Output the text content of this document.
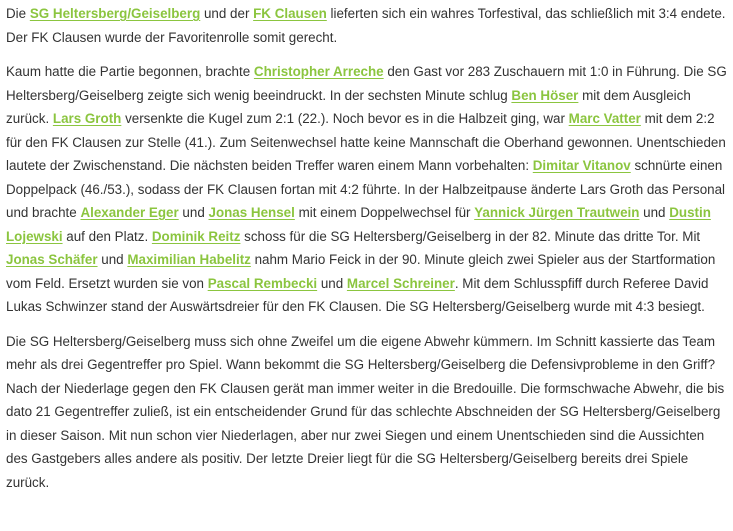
Die SG Heltersberg/Geiselberg und der FK Clausen lieferten sich ein wahres Torfestival, das schließlich mit 3:4 endete. Der FK Clausen wurde der Favoritenrolle somit gerecht.

Kaum hatte die Partie begonnen, brachte Christopher Arreche den Gast vor 283 Zuschauern mit 1:0 in Führung. Die SG Heltersberg/Geiselberg zeigte sich wenig beeindruckt. In der sechsten Minute schlug Ben Höser mit dem Ausgleich zurück. Lars Groth versenkte die Kugel zum 2:1 (22.). Noch bevor es in die Halbzeit ging, war Marc Vatter mit dem 2:2 für den FK Clausen zur Stelle (41.). Zum Seitenwechsel hatte keine Mannschaft die Oberhand gewonnen. Unentschieden lautete der Zwischenstand. Die nächsten beiden Treffer waren einem Mann vorbehalten: Dimitar Vitanov schnürte einen Doppelpack (46./53.), sodass der FK Clausen fortan mit 4:2 führte. In der Halbzeitpause änderte Lars Groth das Personal und brachte Alexander Eger und Jonas Hensel mit einem Doppelwechsel für Yannick Jürgen Trautwein und Dustin Lojewski auf den Platz. Dominik Reitz schoss für die SG Heltersberg/Geiselberg in der 82. Minute das dritte Tor. Mit Jonas Schäfer und Maximilian Habelitz nahm Mario Feick in der 90. Minute gleich zwei Spieler aus der Startformation vom Feld. Ersetzt wurden sie von Pascal Rembecki und Marcel Schreiner. Mit dem Schlusspfiff durch Referee David Lukas Schwinzer stand der Auswärtsdreier für den FK Clausen. Die SG Heltersberg/Geiselberg wurde mit 4:3 besiegt.

Die SG Heltersberg/Geiselberg muss sich ohne Zweifel um die eigene Abwehr kümmern. Im Schnitt kassierte das Team mehr als drei Gegentreffer pro Spiel. Wann bekommt die SG Heltersberg/Geiselberg die Defensivprobleme in den Griff? Nach der Niederlage gegen den FK Clausen gerät man immer weiter in die Bredouille. Die formschwache Abwehr, die bis dato 21 Gegentreffer zuließ, ist ein entscheidender Grund für das schlechte Abschneiden der SG Heltersberg/Geiselberg in dieser Saison. Mit nun schon vier Niederlagen, aber nur zwei Siegen und einem Unentschieden sind die Aussichten des Gastgebers alles andere als positiv. Der letzte Dreier liegt für die SG Heltersberg/Geiselberg bereits drei Spiele zurück.
